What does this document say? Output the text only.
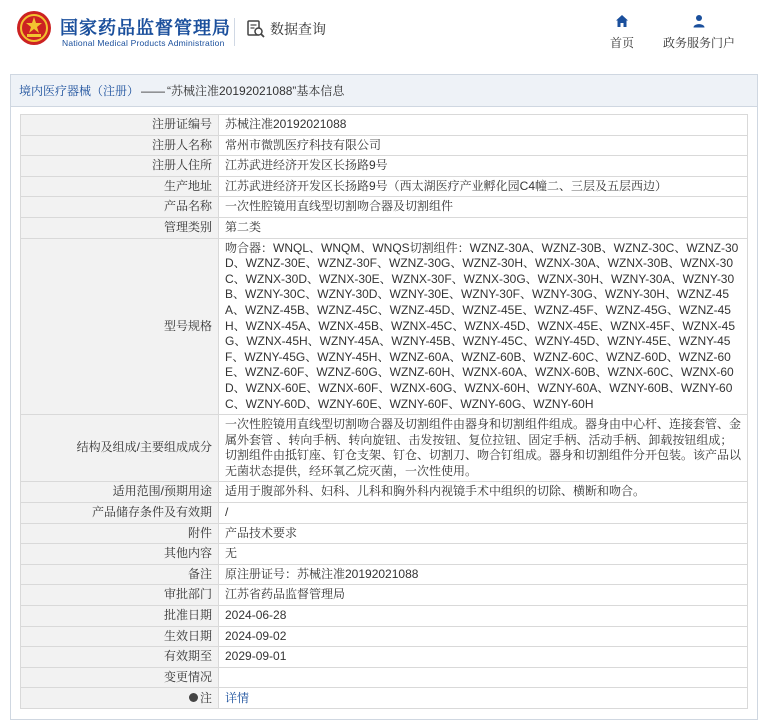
国家药品监督管理局
National Medical Products Administration
数据查询
首页 政务服务门户
境内医疗器械（注册） —— “苏械注准20192021088”基本信息
注册证编号	苏械注准20192021088
注册人名称	常州市微凯医疗科技有限公司
注册人住所	江苏武进经济开发区长扬路9号
生产地址	江苏武进经济开发区长扬路9号（西太湖医疗产业孵化园C4幢二、三层及五层西边）
产品名称	一次性腔镜用直线型切割吻合器及切割组件
管理类别	第二类
型号规格	吻合器：WNQL、WNQM、WNQS切割组件：WZNZ-30A、WZNZ-30B、WZNZ-30C、WZNZ-30D、WZNZ-30E、WZNZ-30F、WZNZ-30G、WZNZ-30H、WZNX-30A、WZNX-30B、WZNX-30C、WZNX-30D、WZNX-30E、WZNX-30F、WZNX-30G、WZNX-30H、WZNY-30A、WZNY-30B、WZNY-30C、WZNY-30D、WZNY-30E、WZNY-30F、WZNY-30G、WZNY-30H、WZNZ-45A、WZNZ-45B、WZNZ-45C、WZNZ-45D、WZNZ-45E、WZNZ-45F、WZNZ-45G、WZNZ-45H、WZNX-45A、WZNX-45B、WZNX-45C、WZNX-45D、WZNX-45E、WZNX-45F、WZNX-45G、WZNX-45H、WZNY-45A、WZNY-45B、WZNY-45C、WZNY-45D、WZNY-45E、WZNY-45F、WZNY-45G、WZNY-45H、WZNZ-60A、WZNZ-60B、WZNZ-60C、WZNZ-60D、WZNZ-60E、WZNZ-60F、WZNZ-60G、WZNZ-60H、WZNX-60A、WZNX-60B、WZNX-60C、WZNX-60D、WZNX-60E、WZNX-60F、WZNX-60G、WZNX-60H、WZNY-60A、WZNY-60B、WZNY-60C、WZNY-60D、WZNY-60E、WZNY-60F、WZNY-60G、WZNY-60H
结构及组成/主要组成成分	一次性腔镜用直线型切割吻合器及切割组件由器身和切割组件组成。器身由中心杆、连接套管、金属外套管 、转向手柄、转向旋钮、击发按钮、复位拉钮、固定手柄、活动手柄、卸载按钮组成；切割组件由抵钉座、钉仓支架、钉仓、切割刀、吻合钉组成。器身和切割组件分开包装。该产品以无菌状态提供，经环氧乙烷灭菌，一次性使用。
适用范围/预期用途	适用于腹部外科、妇科、儿科和胸外科内视镜手术中组织的切除、横断和吻合。
产品储存条件及有效期	/
附件	产品技术要求
其他内容	无
备注	原注册证号：苏械注准20192021088
审批部门	江苏省药品监督管理局
批准日期	2024-06-28
生效日期	2024-09-02
有效期至	2029-09-01
变更情况	
注	详情
